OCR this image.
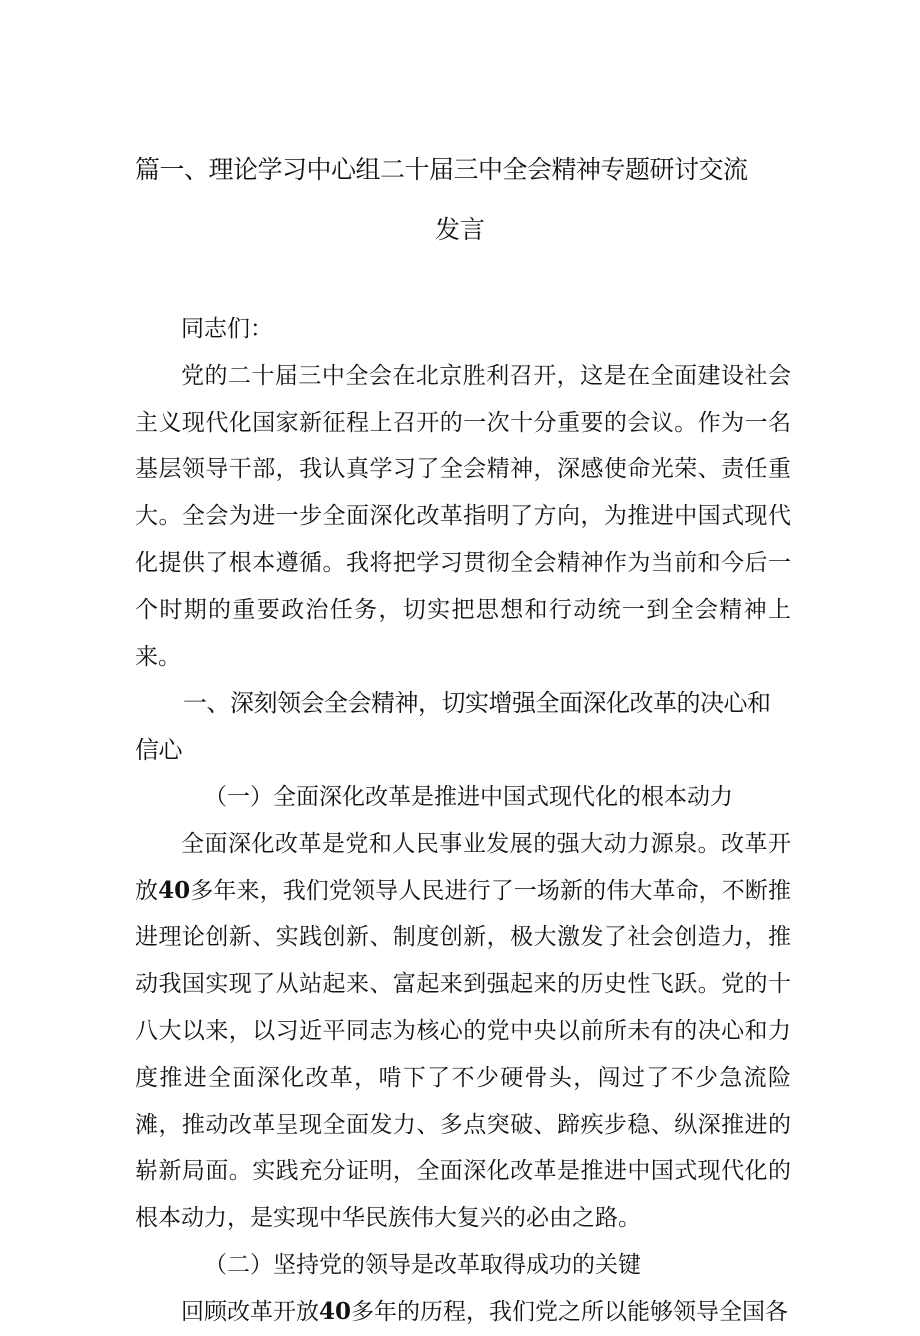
篇一、理论学习中心组二十届三中全会精神专题研讨交流
发言

同志们：

党的二十届三中全会在北京胜利召开，这是在全面建设社会主义现代化国家新征程上召开的一次十分重要的会议。作为一名基层领导干部，我认真学习了全会精神，深感使命光荣、责任重大。全会为进一步全面深化改革指明了方向，为推进中国式现代化提供了根本遵循。我将把学习贯彻全会精神作为当前和今后一个时期的重要政治任务，切实把思想和行动统一到全会精神上来。

一、深刻领会全会精神，切实增强全面深化改革的决心和信心

（一）全面深化改革是推进中国式现代化的根本动力

全面深化改革是党和人民事业发展的强大动力源泉。改革开放40多年来，我们党领导人民进行了一场新的伟大革命，不断推进理论创新、实践创新、制度创新，极大激发了社会创造力，推动我国实现了从站起来、富起来到强起来的历史性飞跃。党的十八大以来，以习近平同志为核心的党中央以前所未有的决心和力度推进全面深化改革，啃下了不少硬骨头，闯过了不少急流险滩，推动改革呈现全面发力、多点突破、蹄疾步稳、纵深推进的崭新局面。实践充分证明，全面深化改革是推进中国式现代化的根本动力，是实现中华民族伟大复兴的必由之路。

（二）坚持党的领导是改革取得成功的关键

回顾改革开放40多年的历程，我们党之所以能够领导全国各
